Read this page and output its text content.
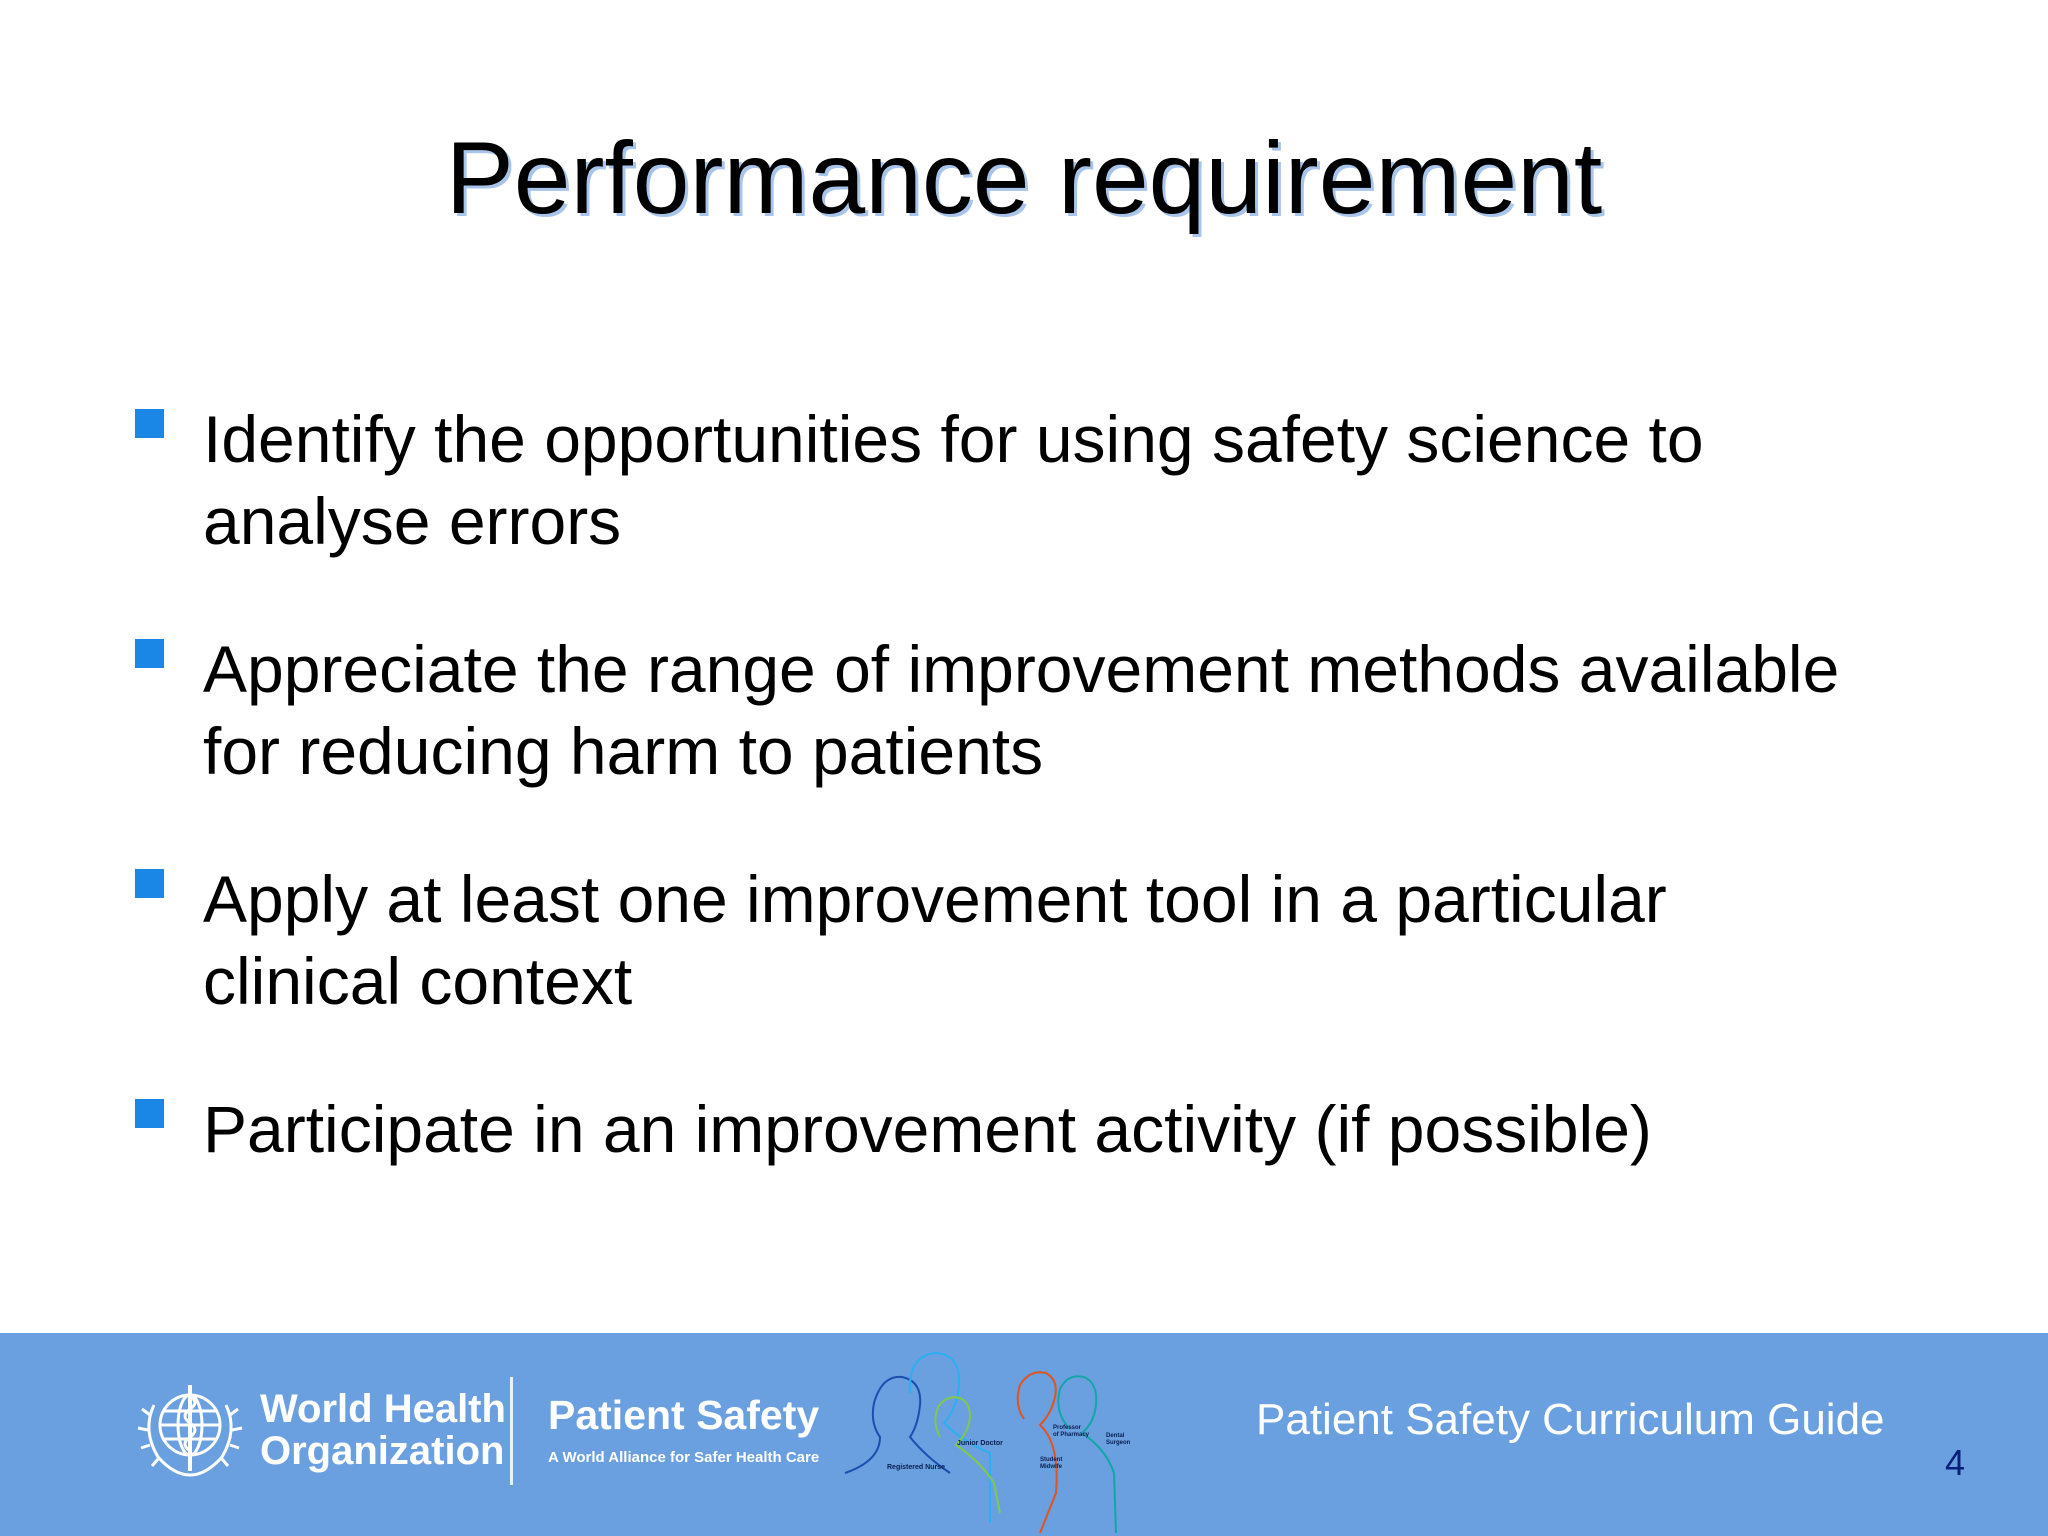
Performance requirement
Identify the opportunities for using safety science to
analyse errors
Appreciate the range of improvement methods available
for reducing harm to patients
Apply at least one improvement tool in a particular
clinical context
Participate in an improvement activity (if possible)
World Health
Organization
Patient Safety
A World Alliance for Safer Health Care
Registered Nurse
Junior Doctor
Professor
of Pharmacy	Dental
Surgeon
Student
Midwife
Patient Safety Curriculum Guide
4
